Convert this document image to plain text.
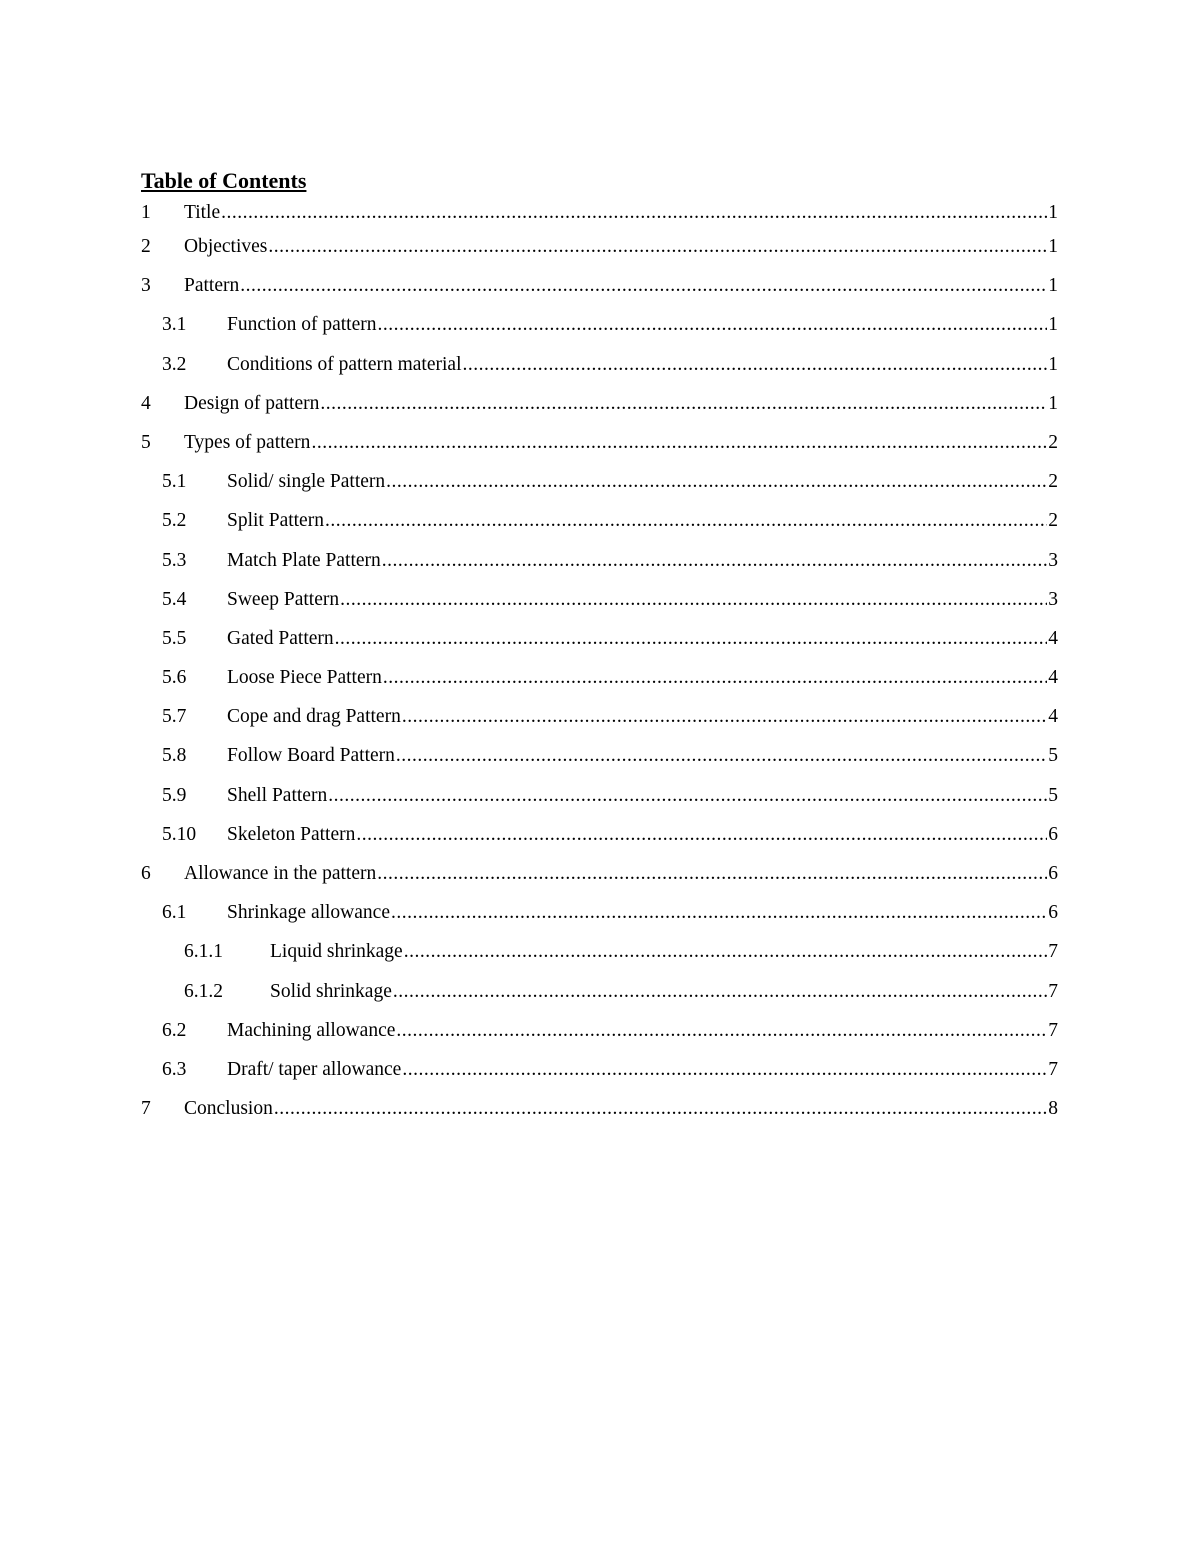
Table of Contents
1	Title .....	1
2	Objectives .....	1
3	Pattern .....	1
3.1	Function of pattern .....	1
3.2	Conditions of pattern material .....	1
4	Design of pattern .....	1
5	Types of pattern .....	2
5.1	Solid/ single Pattern .....	2
5.2	Split Pattern .....	2
5.3	Match Plate Pattern .....	3
5.4	Sweep Pattern .....	3
5.5	Gated Pattern .....	4
5.6	Loose Piece Pattern .....	4
5.7	Cope and drag Pattern .....	4
5.8	Follow Board Pattern .....	5
5.9	Shell Pattern .....	5
5.10	Skeleton Pattern .....	6
6	Allowance in the pattern .....	6
6.1	Shrinkage allowance .....	6
6.1.1	Liquid shrinkage .....	7
6.1.2	Solid shrinkage .....	7
6.2	Machining allowance .....	7
6.3	Draft/ taper allowance .....	7
7	Conclusion .....	8
